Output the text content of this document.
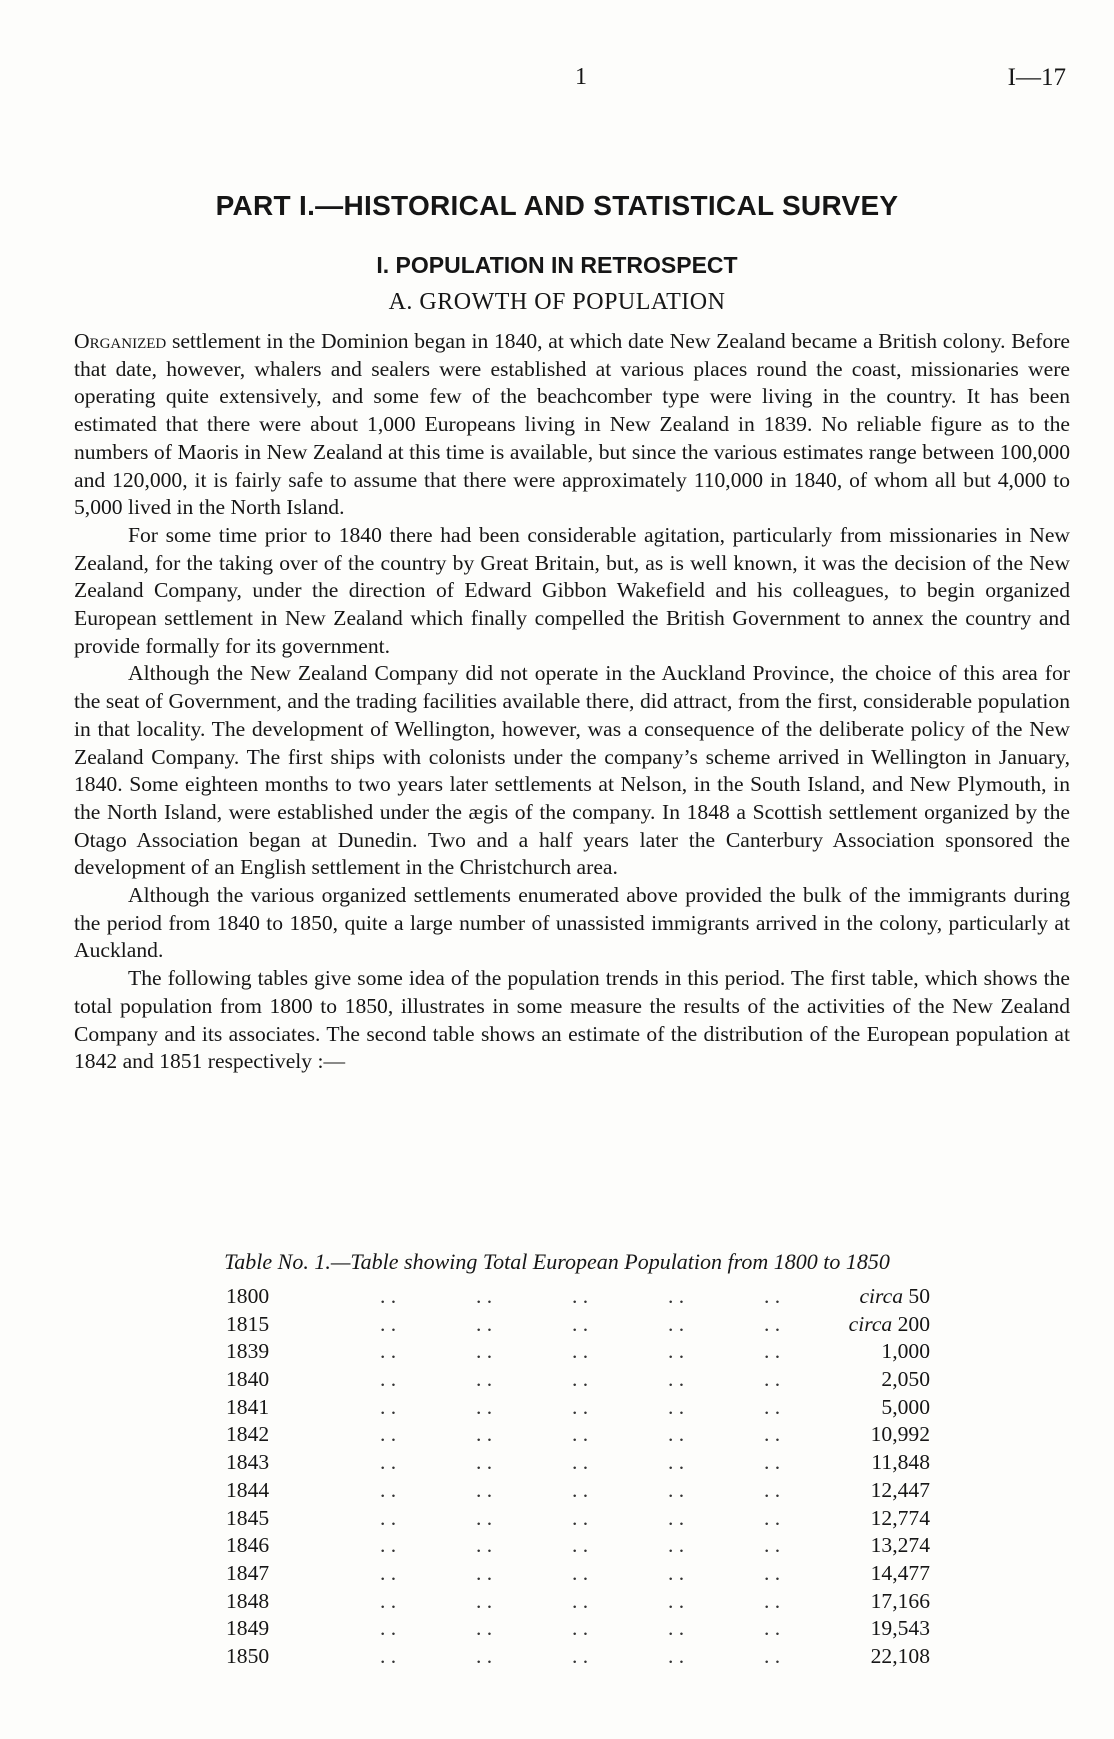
1	I—17
PART I.—HISTORICAL AND STATISTICAL SURVEY
I. POPULATION IN RETROSPECT
A. GROWTH OF POPULATION

Organized settlement in the Dominion began in 1840, at which date New Zealand became a British colony. Before that date, however, whalers and sealers were established at various places round the coast, missionaries were operating quite extensively, and some few of the beachcomber type were living in the country. It has been estimated that there were about 1,000 Europeans living in New Zealand in 1839. No reliable figure as to the numbers of Maoris in New Zealand at this time is available, but since the various estimates range between 100,000 and 120,000, it is fairly safe to assume that there were approximately 110,000 in 1840, of whom all but 4,000 to 5,000 lived in the North Island.

For some time prior to 1840 there had been considerable agitation, particularly from missionaries in New Zealand, for the taking over of the country by Great Britain, but, as is well known, it was the decision of the New Zealand Company, under the direction of Edward Gibbon Wakefield and his colleagues, to begin organized European settlement in New Zealand which finally compelled the British Government to annex the country and provide formally for its government.

Although the New Zealand Company did not operate in the Auckland Province, the choice of this area for the seat of Government, and the trading facilities available there, did attract, from the first, considerable population in that locality. The development of Wellington, however, was a consequence of the deliberate policy of the New Zealand Company. The first ships with colonists under the company’s scheme arrived in Wellington in January, 1840. Some eighteen months to two years later settlements at Nelson, in the South Island, and New Plymouth, in the North Island, were established under the ægis of the company. In 1848 a Scottish settlement organized by the Otago Association began at Dunedin. Two and a half years later the Canterbury Association sponsored the development of an English settlement in the Christchurch area.

Although the various organized settlements enumerated above provided the bulk of the immigrants during the period from 1840 to 1850, quite a large number of unassisted immigrants arrived in the colony, particularly at Auckland.

The following tables give some idea of the population trends in this period. The first table, which shows the total population from 1800 to 1850, illustrates in some measure the results of the activities of the New Zealand Company and its associates. The second table shows an estimate of the distribution of the European population at 1842 and 1851 respectively :—

Table No. 1.—Table showing Total European Population from 1800 to 1850
1800	. .	. .	. .	. .	. .	circa 50
1815	. .	. .	. .	. .	. .	circa 200
1839	. .	. .	. .	. .	. .	1,000
1840	. .	. .	. .	. .	. .	2,050
1841	. .	. .	. .	. .	. .	5,000
1842	. .	. .	. .	. .	. .	10,992
1843	. .	. .	. .	. .	. .	11,848
1844	. .	. .	. .	. .	. .	12,447
1845	. .	. .	. .	. .	. .	12,774
1846	. .	. .	. .	. .	. .	13,274
1847	. .	. .	. .	. .	. .	14,477
1848	. .	. .	. .	. .	. .	17,166
1849	. .	. .	. .	. .	. .	19,543
1850	. .	. .	. .	. .	. .	22,108
